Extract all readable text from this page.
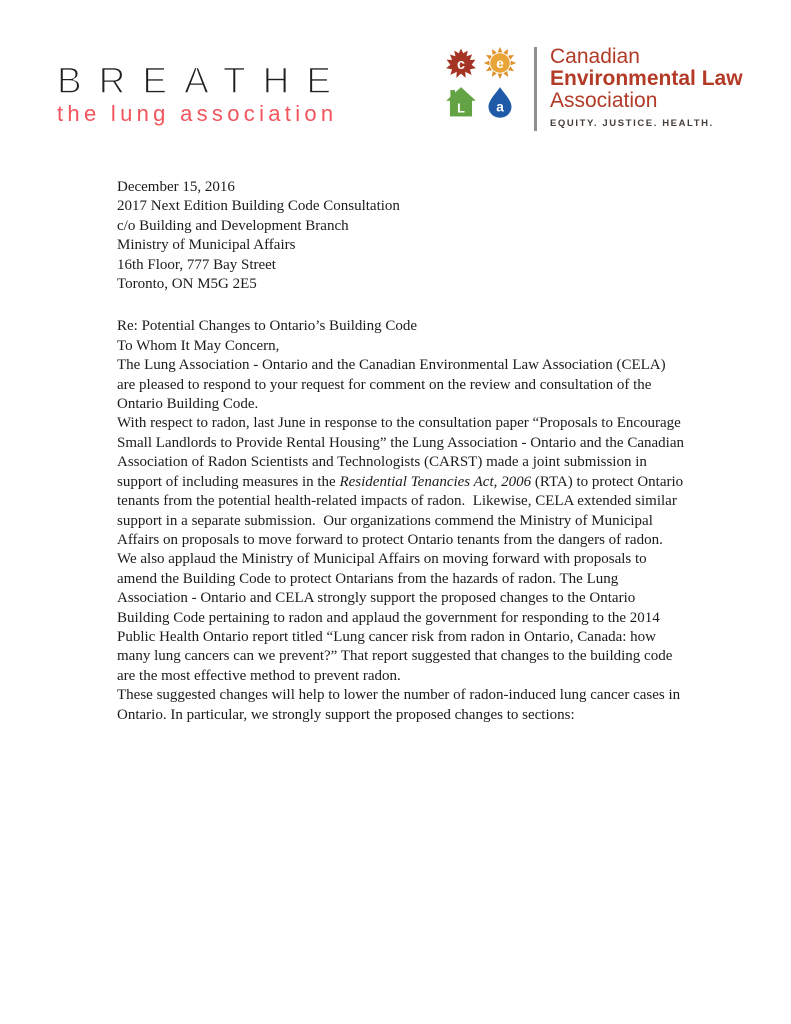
BREATHE
the lung association
c e
L a
Canadian
Environmental Law
Association
EQUITY. JUSTICE. HEALTH.

December 15, 2016

2017 Next Edition Building Code Consultation
c/o Building and Development Branch
Ministry of Municipal Affairs
16th Floor, 777 Bay Street
Toronto, ON M5G 2E5

Re: Potential Changes to Ontario’s Building Code

To Whom It May Concern,

The Lung Association - Ontario and the Canadian Environmental Law Association (CELA) are pleased to respond to your request for comment on the review and consultation of the Ontario Building Code.

With respect to radon, last June in response to the consultation paper “Proposals to Encourage Small Landlords to Provide Rental Housing” the Lung Association - Ontario and the Canadian Association of Radon Scientists and Technologists (CARST) made a joint submission in support of including measures in the Residential Tenancies Act, 2006 (RTA) to protect Ontario tenants from the potential health-related impacts of radon.  Likewise, CELA extended similar support in a separate submission.  Our organizations commend the Ministry of Municipal Affairs on proposals to move forward to protect Ontario tenants from the dangers of radon.

We also applaud the Ministry of Municipal Affairs on moving forward with proposals to amend the Building Code to protect Ontarians from the hazards of radon. The Lung Association - Ontario and CELA strongly support the proposed changes to the Ontario Building Code pertaining to radon and applaud the government for responding to the 2014 Public Health Ontario report titled “Lung cancer risk from radon in Ontario, Canada: how many lung cancers can we prevent?” That report suggested that changes to the building code are the most effective method to prevent radon.

These suggested changes will help to lower the number of radon-induced lung cancer cases in Ontario. In particular, we strongly support the proposed changes to sections:
